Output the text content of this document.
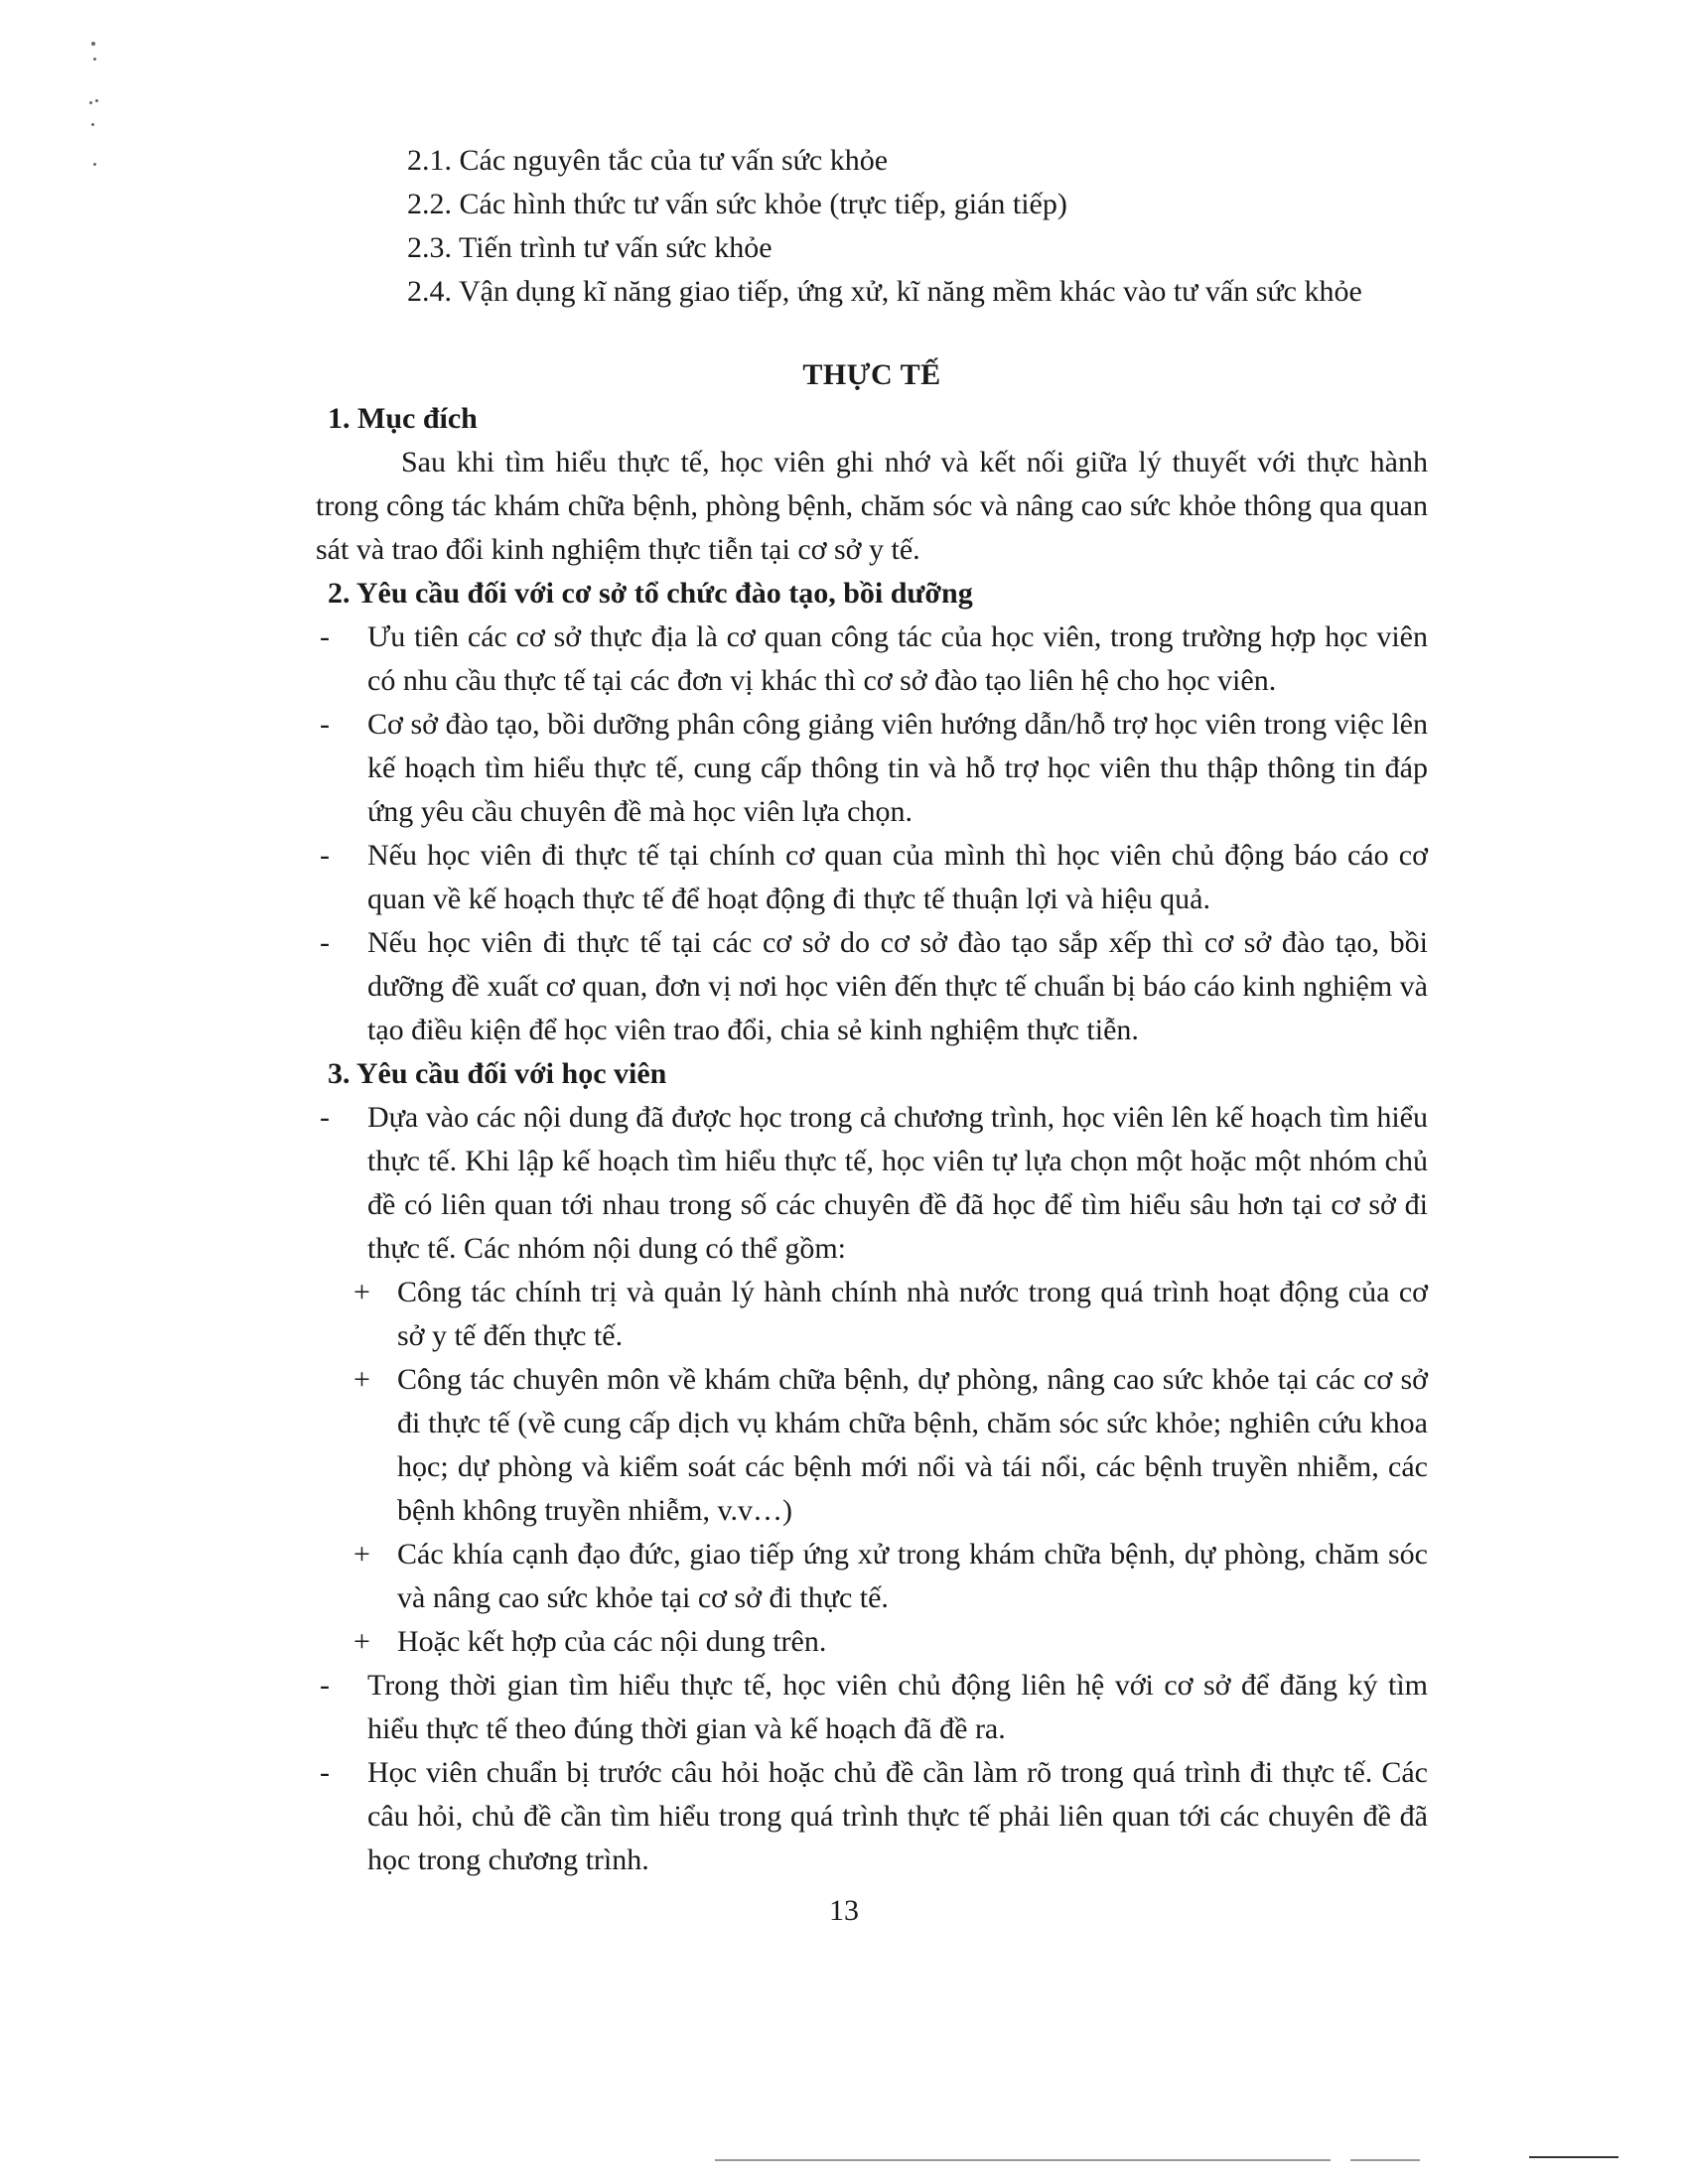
2.1. Các nguyên tắc của tư vấn sức khỏe
2.2. Các hình thức tư vấn sức khỏe (trực tiếp, gián tiếp)
2.3. Tiến trình tư vấn sức khỏe
2.4. Vận dụng kĩ năng giao tiếp, ứng xử, kĩ năng mềm khác vào tư vấn sức khỏe
THỰC TẾ
1. Mục đích
Sau khi tìm hiểu thực tế, học viên ghi nhớ và kết nối giữa lý thuyết với thực hành trong công tác khám chữa bệnh, phòng bệnh, chăm sóc và nâng cao sức khỏe thông qua quan sát và trao đổi kinh nghiệm thực tiễn tại cơ sở y tế.
2. Yêu cầu đối với cơ sở tổ chức đào tạo, bồi dưỡng
- Ưu tiên các cơ sở thực địa là cơ quan công tác của học viên, trong trường hợp học viên có nhu cầu thực tế tại các đơn vị khác thì cơ sở đào tạo liên hệ cho học viên.
- Cơ sở đào tạo, bồi dưỡng phân công giảng viên hướng dẫn/hỗ trợ học viên trong việc lên kế hoạch tìm hiểu thực tế, cung cấp thông tin và hỗ trợ học viên thu thập thông tin đáp ứng yêu cầu chuyên đề mà học viên lựa chọn.
- Nếu học viên đi thực tế tại chính cơ quan của mình thì học viên chủ động báo cáo cơ quan về kế hoạch thực tế để hoạt động đi thực tế thuận lợi và hiệu quả.
- Nếu học viên đi thực tế tại các cơ sở do cơ sở đào tạo sắp xếp thì cơ sở đào tạo, bồi dưỡng đề xuất cơ quan, đơn vị nơi học viên đến thực tế chuẩn bị báo cáo kinh nghiệm và tạo điều kiện để học viên trao đổi, chia sẻ kinh nghiệm thực tiễn.
3. Yêu cầu đối với học viên
- Dựa vào các nội dung đã được học trong cả chương trình, học viên lên kế hoạch tìm hiểu thực tế. Khi lập kế hoạch tìm hiểu thực tế, học viên tự lựa chọn một hoặc một nhóm chủ đề có liên quan tới nhau trong số các chuyên đề đã học để tìm hiểu sâu hơn tại cơ sở đi thực tế. Các nhóm nội dung có thể gồm:
+ Công tác chính trị và quản lý hành chính nhà nước trong quá trình hoạt động của cơ sở y tế đến thực tế.
+ Công tác chuyên môn về khám chữa bệnh, dự phòng, nâng cao sức khỏe tại các cơ sở đi thực tế (về cung cấp dịch vụ khám chữa bệnh, chăm sóc sức khỏe; nghiên cứu khoa học; dự phòng và kiểm soát các bệnh mới nổi và tái nổi, các bệnh truyền nhiễm, các bệnh không truyền nhiễm, v.v…)
+ Các khía cạnh đạo đức, giao tiếp ứng xử trong khám chữa bệnh, dự phòng, chăm sóc và nâng cao sức khỏe tại cơ sở đi thực tế.
+ Hoặc kết hợp của các nội dung trên.
- Trong thời gian tìm hiểu thực tế, học viên chủ động liên hệ với cơ sở để đăng ký tìm hiểu thực tế theo đúng thời gian và kế hoạch đã đề ra.
- Học viên chuẩn bị trước câu hỏi hoặc chủ đề cần làm rõ trong quá trình đi thực tế. Các câu hỏi, chủ đề cần tìm hiểu trong quá trình thực tế phải liên quan tới các chuyên đề đã học trong chương trình.
13
